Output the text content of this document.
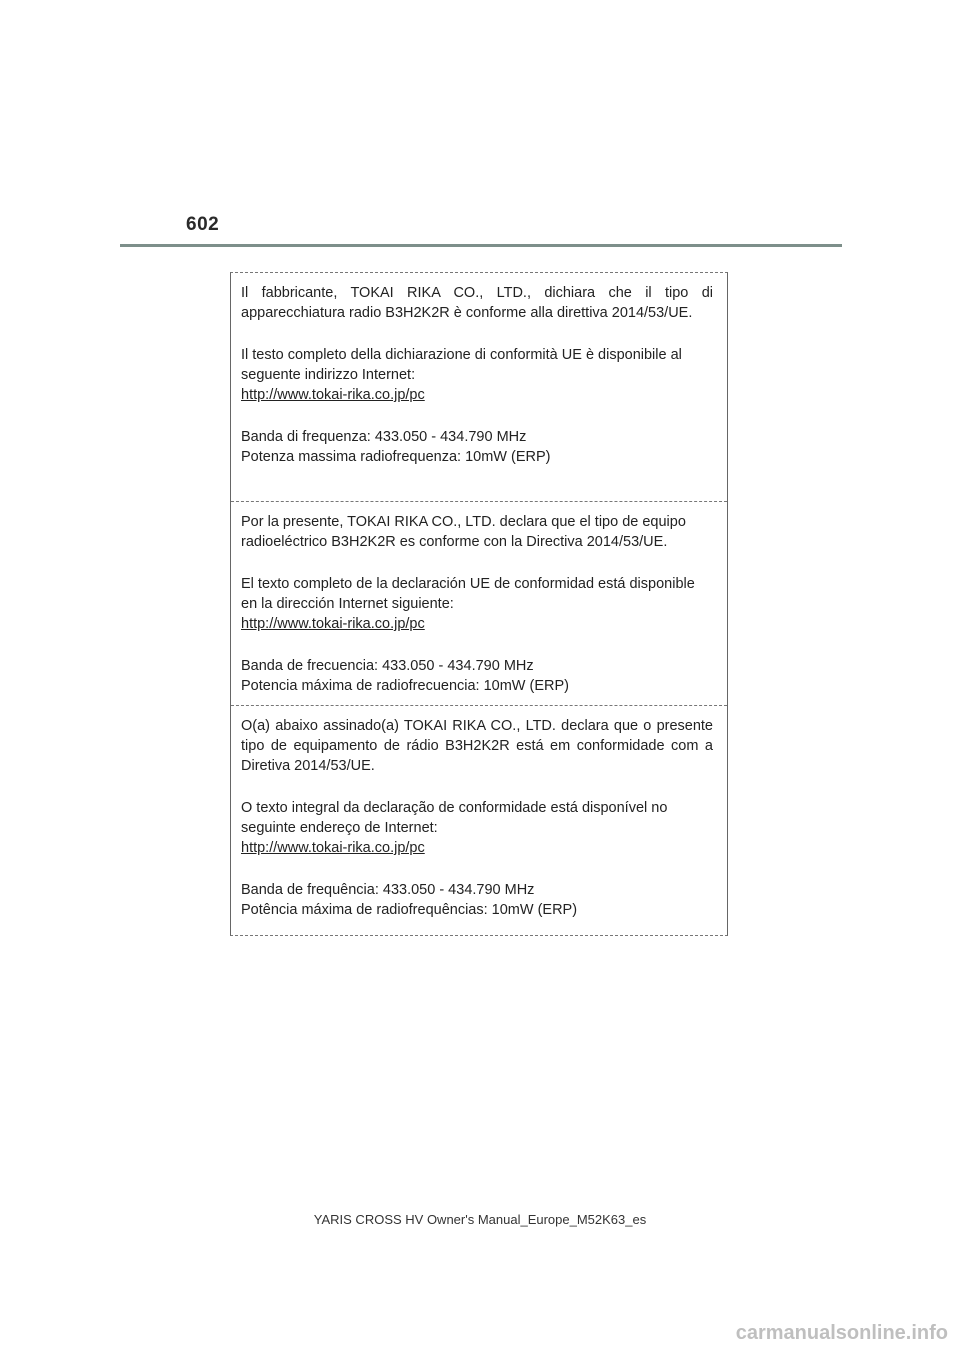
602

Il fabbricante, TOKAI RIKA CO., LTD., dichiara che il tipo di apparecchiatura radio B3H2K2R è conforme alla direttiva 2014/53/UE.

Il testo completo della dichiarazione di conformità UE è disponibile al seguente indirizzo Internet:
http://www.tokai-rika.co.jp/pc

Banda di frequenza: 433.050 - 434.790 MHz
Potenza massima radiofrequenza: 10mW (ERP)

Por la presente, TOKAI RIKA CO., LTD. declara que el tipo de equipo radioeléctrico B3H2K2R es conforme con la Directiva 2014/53/UE.

El texto completo de la declaración UE de conformidad está disponible en la dirección Internet siguiente:
http://www.tokai-rika.co.jp/pc

Banda de frecuencia: 433.050 - 434.790 MHz
Potencia máxima de radiofrecuencia: 10mW (ERP)

O(a) abaixo assinado(a) TOKAI RIKA CO., LTD. declara que o presente tipo de equipamento de rádio B3H2K2R está em conformidade com a Diretiva 2014/53/UE.

O texto integral da declaração de conformidade está disponível no seguinte endereço de Internet:
http://www.tokai-rika.co.jp/pc

Banda de frequência: 433.050 - 434.790 MHz
Potência máxima de radiofrequências: 10mW (ERP)

YARIS CROSS HV Owner's Manual_Europe_M52K63_es
carmanualsonline.info
